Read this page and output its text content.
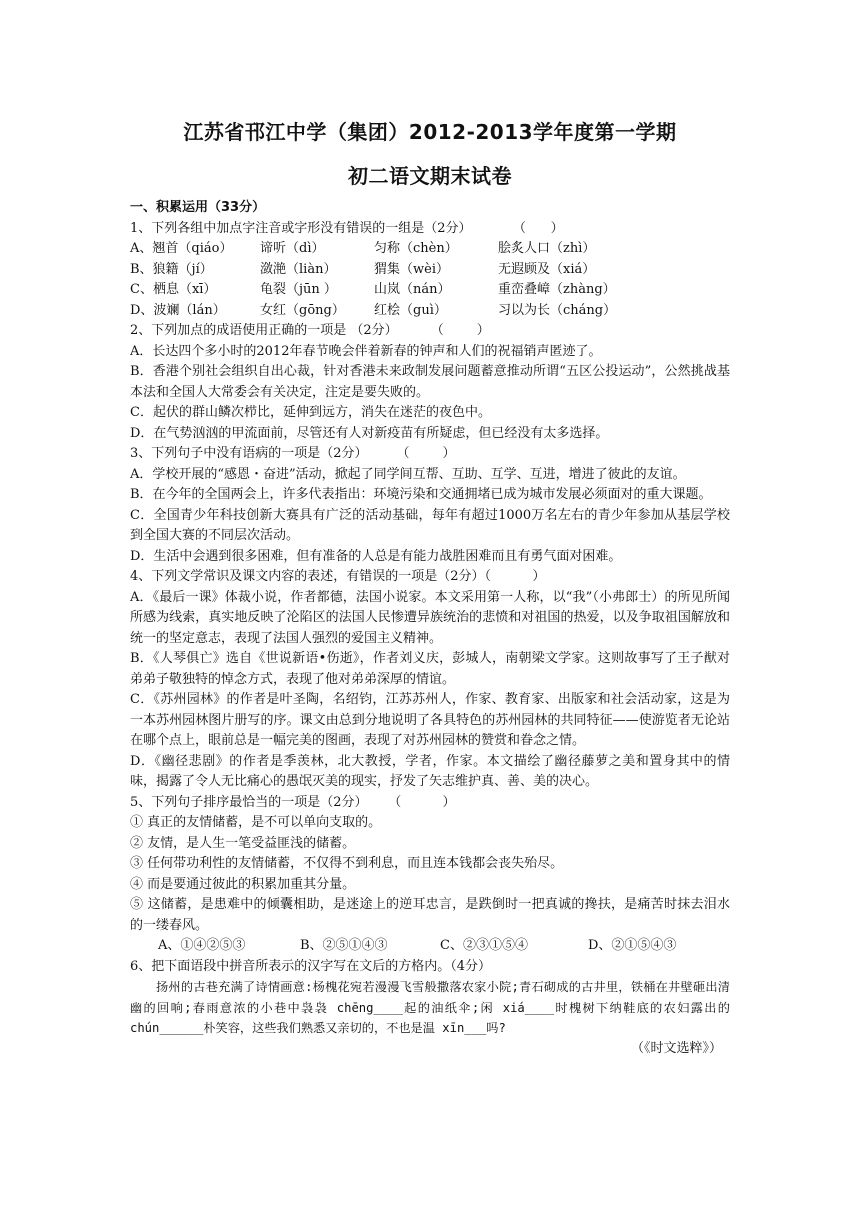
江苏省邗江中学（集团）2012-2013学年度第一学期
初二语文期末试卷
一、积累运用（33分）
1、下列各组中加点字注音或字形没有错误的一组是（2分）          （      ）
A、翘首（qiáo）	谛听（dì）	匀称（chèn）	脍炙人口（zhì）
B、狼籍（jí）	潋滟（liàn）	猬集（wèi）	无遐顾及（xiá）
C、栖息（xī）	龟裂（jūn ）	山岚（nán）	重峦叠嶂（zhàng）
D、波斓（lán）	女红（gōng）	红桧（guì）	习以为长（cháng）
2、下列加点的成语使用正确的一项是 （2分）        （        ）
A．长达四个多小时的2012年春节晚会伴着新春的钟声和人们的祝福销声匿迹了。
B．香港个别社会组织自出心裁，针对香港未来政制发展问题蓄意推动所谓“五区公投运动”，公然挑战基本法和全国人大常委会有关决定，注定是要失败的。
C．起伏的群山鳞次栉比，延伸到远方，消失在迷茫的夜色中。
D．在气势汹汹的甲流面前，尽管还有人对新疫苗有所疑虑，但已经没有太多选择。
3、下列句子中没有语病的一项是（2分）       （        ）
A．学校开展的“感恩・奋进”活动，掀起了同学间互帮、互助、互学、互进，增进了彼此的友谊。
B．在今年的全国两会上，许多代表指出：环境污染和交通拥堵已成为城市发展必须面对的重大课题。
C．全国青少年科技创新大赛具有广泛的活动基础，每年有超过1000万名左右的青少年参加从基层学校到全国大赛的不同层次活动。
D．生活中会遇到很多困难，但有准备的人总是有能力战胜困难而且有勇气面对困难。
4、下列文学常识及课文内容的表述，有错误的一项是（2分）（          ）
A．《最后一课》体裁小说，作者都德，法国小说家。本文采用第一人称，以“我”（小弗郎士）的所见所闻所感为线索，真实地反映了沦陷区的法国人民惨遭异族统治的悲愤和对祖国的热爱，以及争取祖国解放和统一的坚定意志，表现了法国人强烈的爱国主义精神。
B．《人琴俱亡》选自《世说新语•伤逝》，作者刘义庆，彭城人，南朝梁文学家。这则故事写了王子猷对弟弟子敬独特的悼念方式，表现了他对弟弟深厚的情谊。
C．《苏州园林》的作者是叶圣陶，名绍钧，江苏苏州人，作家、教育家、出版家和社会活动家，这是为一本苏州园林图片册写的序。课文由总到分地说明了各具特色的苏州园林的共同特征——使游览者无论站在哪个点上，眼前总是一幅完美的图画，表现了对苏州园林的赞赏和眷念之情。
D．《幽径悲剧》的作者是季羡林，北大教授，学者，作家。本文描绘了幽径藤萝之美和置身其中的情味，揭露了令人无比痛心的愚氓灭美的现实，抒发了矢志维护真、善、美的决心。
5、下列句子排序最恰当的一项是（2分）     （          ）
① 真正的友情储蓄，是不可以单向支取的。
② 友情，是人生一笔受益匪浅的储蓄。
③ 任何带功利性的友情储蓄，不仅得不到利息，而且连本钱都会丧失殆尽。
④ 而是要通过彼此的积累加重其分量。
⑤ 这储蓄，是患难中的倾囊相助，是迷途上的逆耳忠言，是跌倒时一把真诚的搀扶，是痛苦时抹去泪水的一缕春风。
A、①④②⑤③	B、②⑤①④③	C、②③①⑤④	D、②①⑤④③
6、把下面语段中拼音所表示的汉字写在文后的方格内。（4分）
扬州的古巷充满了诗情画意:杨槐花宛若漫漫飞雪般撒落农家小院;青石砌成的古井里，铁桶在井壁砸出清幽的回响;春雨意浓的小巷中袅袅 chēng____起的油纸伞;闲 xiá____时槐树下纳鞋底的农妇露出的 chún______朴笑容，这些我们熟悉又亲切的，不也是温 xīn___吗?
（《时文选粹》）
